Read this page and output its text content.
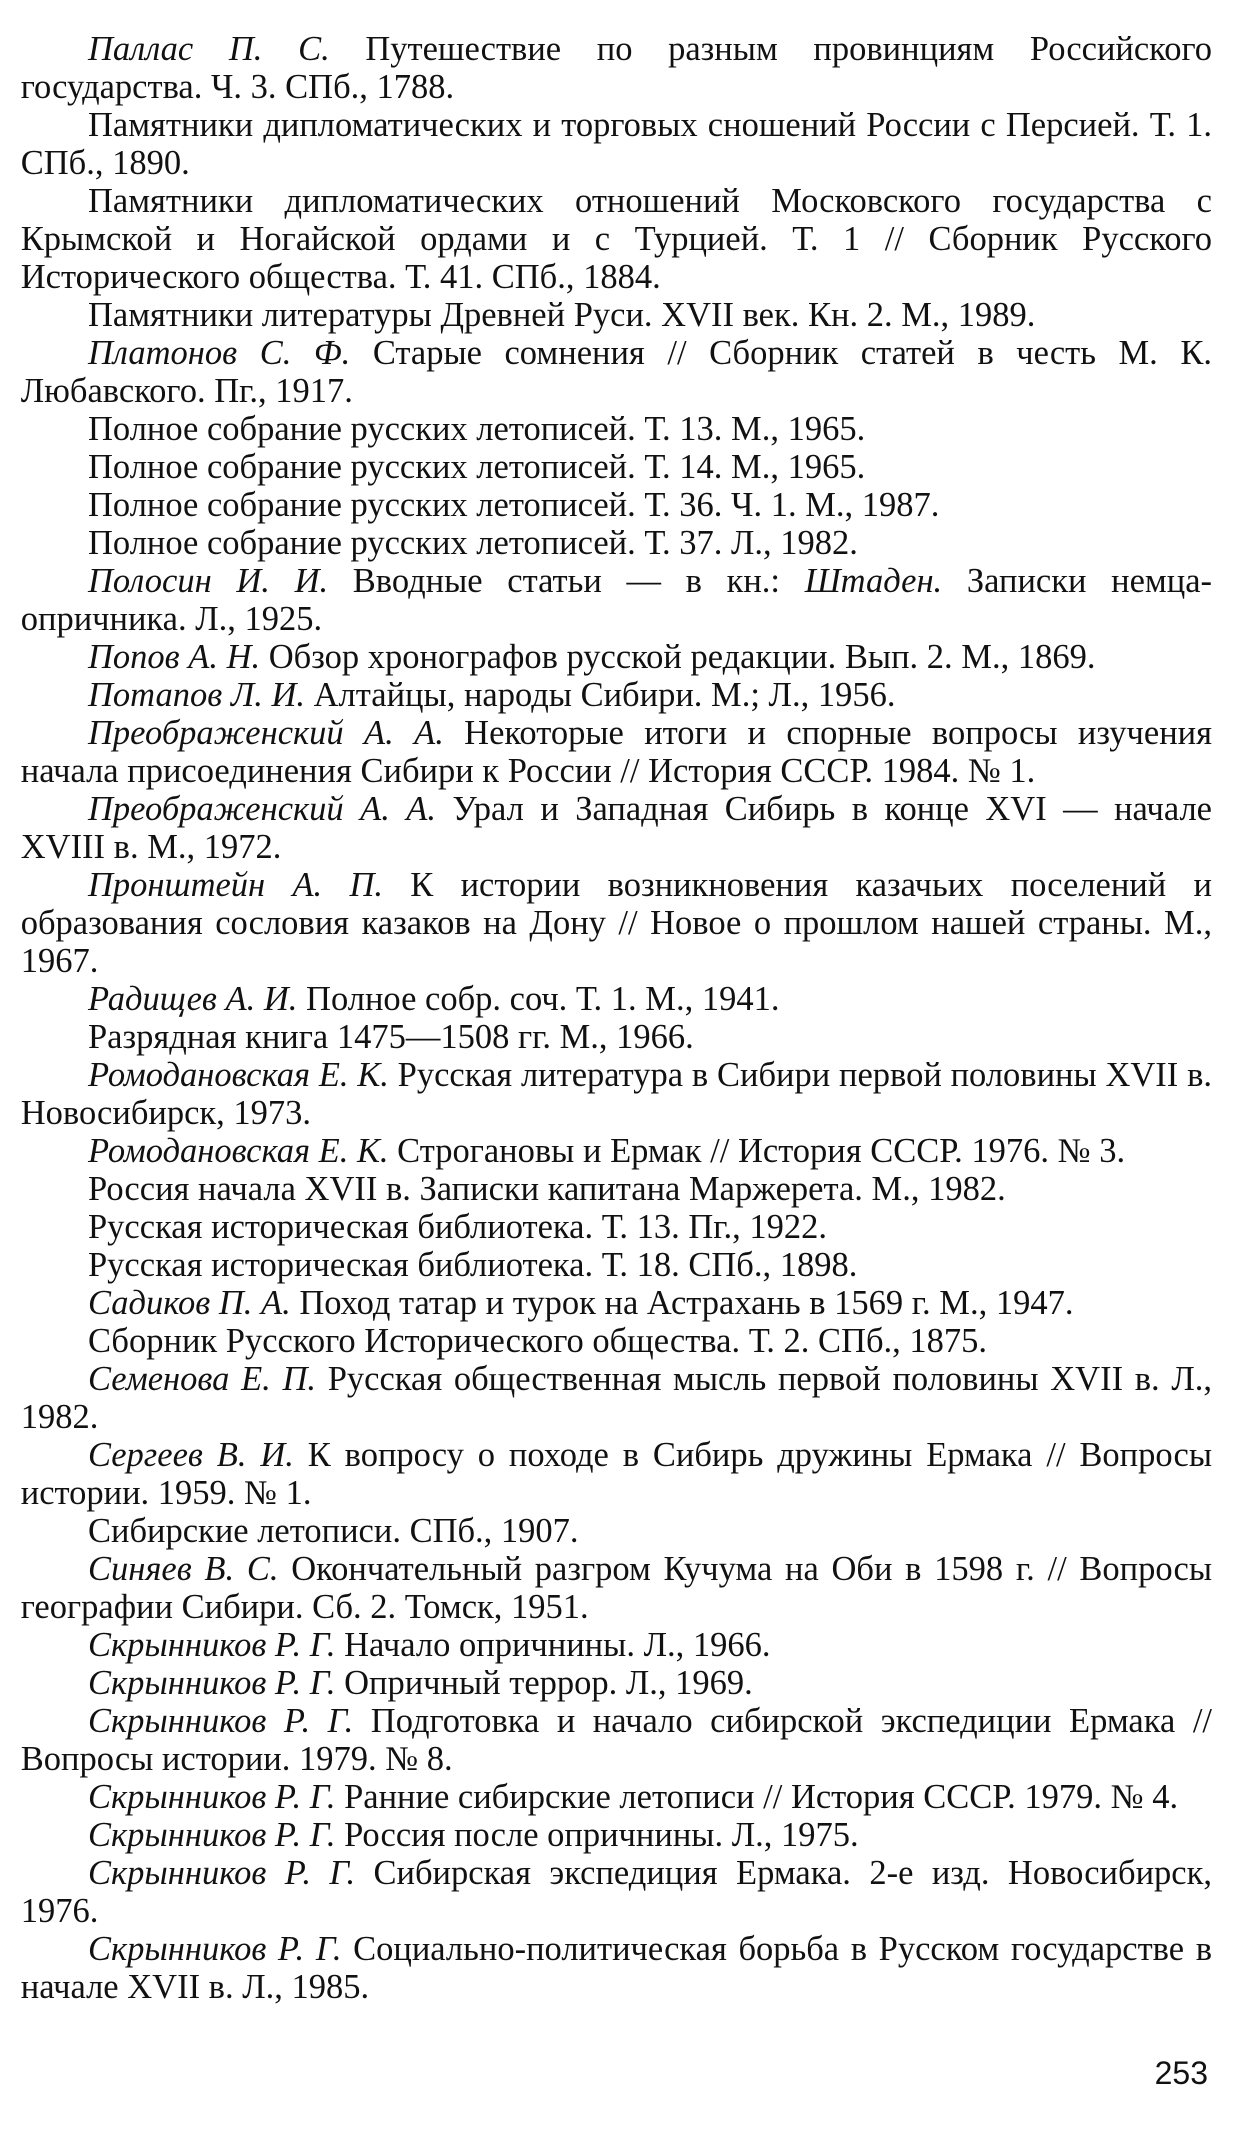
Паллас П. С. Путешествие по разным провинциям Российского государства. Ч. 3. СПб., 1788.

Памятники дипломатических и торговых сношений России с Персией. Т. 1. СПб., 1890.

Памятники дипломатических отношений Московского государства с Крымской и Ногайской ордами и с Турцией. Т. 1 // Сборник Русского Исторического общества. Т. 41. СПб., 1884.

Памятники литературы Древней Руси. XVII век. Кн. 2. М., 1989.

Платонов С. Ф. Старые сомнения // Сборник статей в честь М. К. Любавского. Пг., 1917.

Полное собрание русских летописей. Т. 13. М., 1965.

Полное собрание русских летописей. Т. 14. М., 1965.

Полное собрание русских летописей. Т. 36. Ч. 1. М., 1987.

Полное собрание русских летописей. Т. 37. Л., 1982.

Полосин И. И. Вводные статьи — в кн.: Штаден. Записки немца-опричника. Л., 1925.

Попов А. Н. Обзор хронографов русской редакции. Вып. 2. М., 1869.

Потапов Л. И. Алтайцы, народы Сибири. М.; Л., 1956.

Преображенский А. А. Некоторые итоги и спорные вопросы изучения начала присоединения Сибири к России // История СССР. 1984. № 1.

Преображенский А. А. Урал и Западная Сибирь в конце XVI — начале XVIII в. М., 1972.

Пронштейн А. П. К истории возникновения казачьих поселений и образования сословия казаков на Дону // Новое о прошлом нашей страны. М., 1967.

Радищев А. И. Полное собр. соч. Т. 1. М., 1941.

Разрядная книга 1475—1508 гг. М., 1966.

Ромодановская Е. К. Русская литература в Сибири первой половины XVII в. Новосибирск, 1973.

Ромодановская Е. К. Строгановы и Ермак // История СССР. 1976. № 3.

Россия начала XVII в. Записки капитана Маржерета. М., 1982.

Русская историческая библиотека. Т. 13. Пг., 1922.

Русская историческая библиотека. Т. 18. СПб., 1898.

Садиков П. А. Поход татар и турок на Астрахань в 1569 г. М., 1947.

Сборник Русского Исторического общества. Т. 2. СПб., 1875.

Семенова Е. П. Русская общественная мысль первой половины XVII в. Л., 1982.

Сергеев В. И. К вопросу о походе в Сибирь дружины Ермака // Вопросы истории. 1959. № 1.

Сибирские летописи. СПб., 1907.

Синяев В. С. Окончательный разгром Кучума на Оби в 1598 г. // Вопросы географии Сибири. Сб. 2. Томск, 1951.

Скрынников Р. Г. Начало опричнины. Л., 1966.

Скрынников Р. Г. Опричный террор. Л., 1969.

Скрынников Р. Г. Подготовка и начало сибирской экспедиции Ермака // Вопросы истории. 1979. № 8.

Скрынников Р. Г. Ранние сибирские летописи // История СССР. 1979. № 4.

Скрынников Р. Г. Россия после опричнины. Л., 1975.

Скрынников Р. Г. Сибирская экспедиция Ермака. 2-е изд. Новосибирск, 1976.

Скрынников Р. Г. Социально-политическая борьба в Русском государстве в начале XVII в. Л., 1985.

253
